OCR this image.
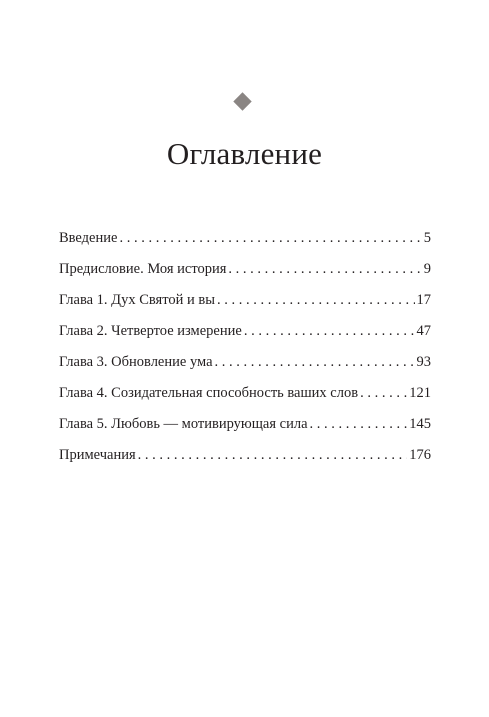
Оглавление
Введение . . .	5
Предисловие. Моя история . . .	9
Глава 1. Дух Святой и вы . . .	17
Глава 2. Четвертое измерение . . .	47
Глава 3. Обновление ума . . .	93
Глава 4. Созидательная способность ваших слов . . .	121
Глава 5. Любовь — мотивирующая сила . . .	145
Примечания . . .	176
